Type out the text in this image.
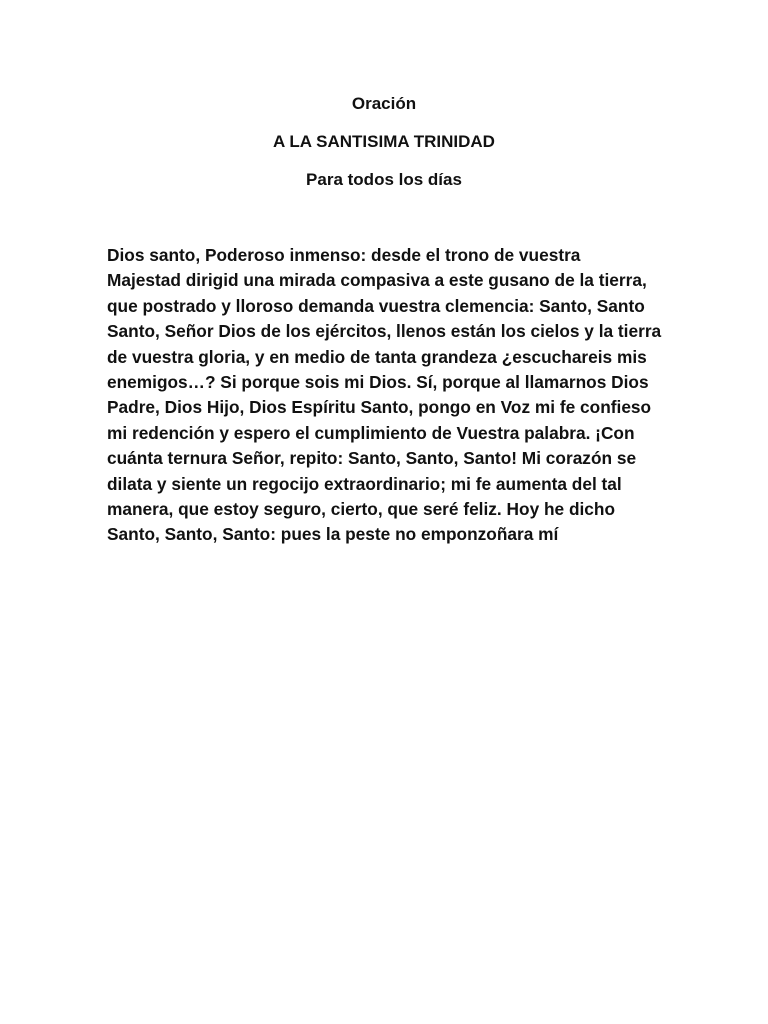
Oración
A LA SANTISIMA TRINIDAD
Para todos los días
Dios santo, Poderoso inmenso: desde el trono de vuestra
Majestad dirigid una mirada compasiva a este gusano de la tierra,
que postrado y lloroso demanda vuestra clemencia: Santo, Santo
Santo, Señor Dios de los ejércitos, llenos están los cielos y la tierra
de vuestra gloria, y en medio de tanta grandeza ¿escuchareis mis
enemigos…? Si porque sois mi Dios. Sí, porque al llamarnos Dios
Padre, Dios Hijo, Dios Espíritu Santo, pongo en Voz mi fe confieso
mi redención y espero el cumplimiento de Vuestra palabra. ¡Con
cuánta ternura Señor, repito: Santo, Santo, Santo! Mi corazón se
dilata y siente un regocijo extraordinario; mi fe aumenta del tal
manera, que estoy seguro, cierto, que seré feliz. Hoy he dicho
Santo, Santo, Santo: pues la peste no emponzoñara mí
